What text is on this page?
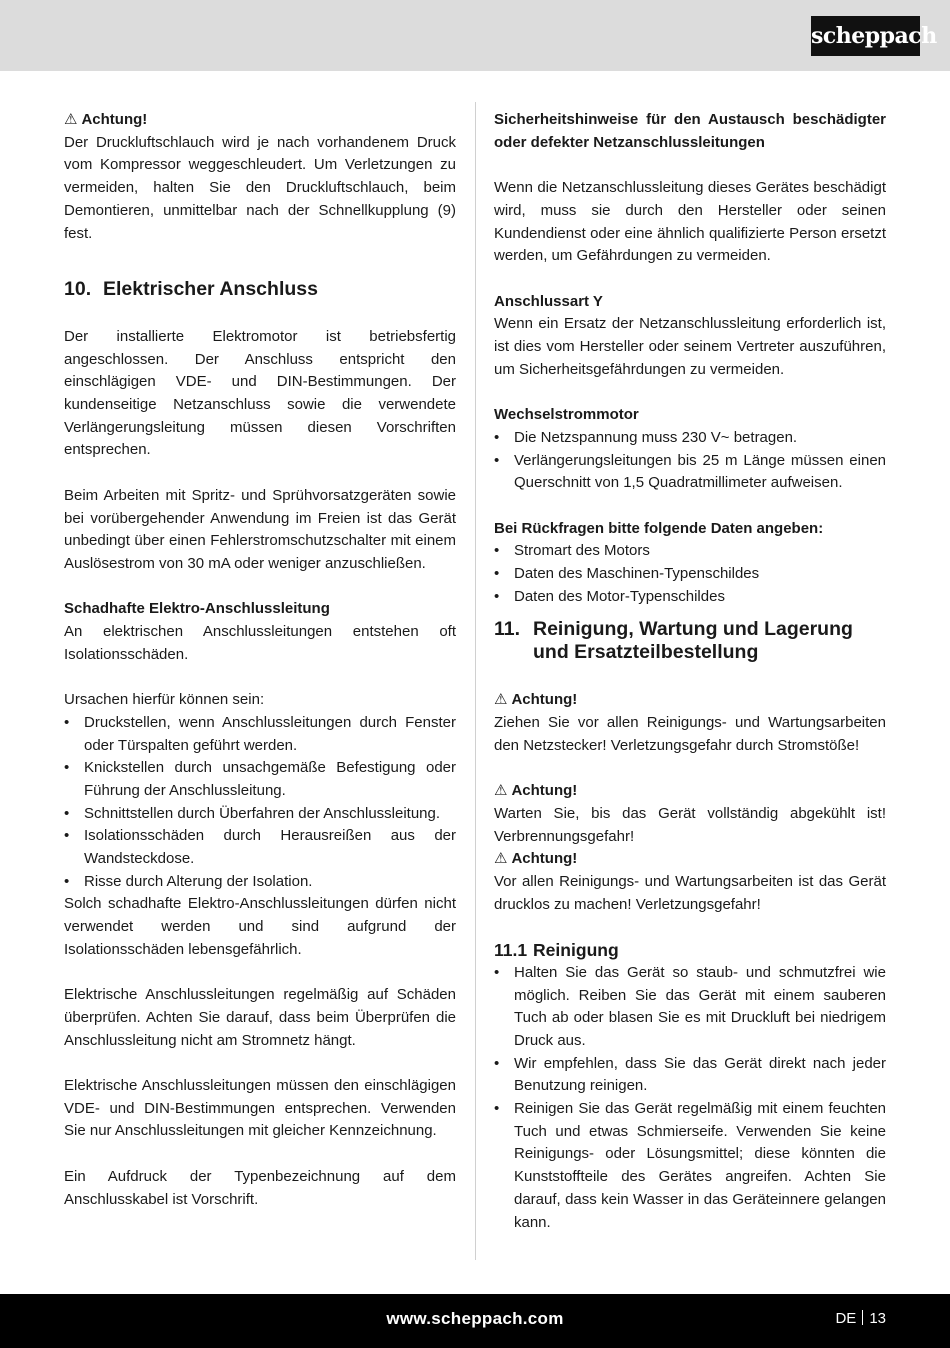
scheppach

⚠ Achtung!

Der Druckluftschlauch wird je nach vorhandenem Druck vom Kompressor weggeschleudert. Um Verletzungen zu vermeiden, halten Sie den Druckluftschlauch, beim Demontieren, unmittelbar nach der Schnellkupplung (9) fest.

10. Elektrischer Anschluss

Der installierte Elektromotor ist betriebsfertig angeschlossen. Der Anschluss entspricht den einschlägigen VDE- und DIN-Bestimmungen. Der kundenseitige Netzanschluss sowie die verwendete Verlängerungsleitung müssen diesen Vorschriften entsprechen.

Beim Arbeiten mit Spritz- und Sprühvorsatzgeräten sowie bei vorübergehender Anwendung im Freien ist das Gerät unbedingt über einen Fehlerstromschutzschalter mit einem Auslösestrom von 30 mA oder weniger anzuschließen.

Schadhafte Elektro-Anschlussleitung

An elektrischen Anschlussleitungen entstehen oft Isolationsschäden.

Ursachen hierfür können sein:

• Druckstellen, wenn Anschlussleitungen durch Fenster oder Türspalten geführt werden.
• Knickstellen durch unsachgemäße Befestigung oder Führung der Anschlussleitung.
• Schnittstellen durch Überfahren der Anschlussleitung.
• Isolationsschäden durch Herausreißen aus der Wandsteckdose.
• Risse durch Alterung der Isolation.

Solch schadhafte Elektro-Anschlussleitungen dürfen nicht verwendet werden und sind aufgrund der Isolationsschäden lebensgefährlich.

Elektrische Anschlussleitungen regelmäßig auf Schäden überprüfen. Achten Sie darauf, dass beim Überprüfen die Anschlussleitung nicht am Stromnetz hängt.

Elektrische Anschlussleitungen müssen den einschlägigen VDE- und DIN-Bestimmungen entsprechen. Verwenden Sie nur Anschlussleitungen mit gleicher Kennzeichnung.

Ein Aufdruck der Typenbezeichnung auf dem Anschlusskabel ist Vorschrift.

Sicherheitshinweise für den Austausch beschädigter oder defekter Netzanschlussleitungen

Wenn die Netzanschlussleitung dieses Gerätes beschädigt wird, muss sie durch den Hersteller oder seinen Kundendienst oder eine ähnlich qualifizierte Person ersetzt werden, um Gefährdungen zu vermeiden.

Anschlussart Y

Wenn ein Ersatz der Netzanschlussleitung erforderlich ist, ist dies vom Hersteller oder seinem Vertreter auszuführen, um Sicherheitsgefährdungen zu vermeiden.

Wechselstrommotor

• Die Netzspannung muss 230 V~ betragen.
• Verlängerungsleitungen bis 25 m Länge müssen einen Querschnitt von 1,5 Quadratmillimeter aufweisen.

Bei Rückfragen bitte folgende Daten angeben:

• Stromart des Motors
• Daten des Maschinen-Typenschildes
• Daten des Motor-Typenschildes
11. Reinigung, Wartung und Lagerung und Ersatzteilbestellung

⚠ Achtung!

Ziehen Sie vor allen Reinigungs- und Wartungsarbeiten den Netzstecker! Verletzungsgefahr durch Stromstöße!

⚠ Achtung!

Warten Sie, bis das Gerät vollständig abgekühlt ist! Verbrennungsgefahr!

⚠ Achtung!

Vor allen Reinigungs- und Wartungsarbeiten ist das Gerät drucklos zu machen! Verletzungsgefahr!

11.1 Reinigung
• Halten Sie das Gerät so staub- und schmutzfrei wie möglich. Reiben Sie das Gerät mit einem sauberen Tuch ab oder blasen Sie es mit Druckluft bei niedrigem Druck aus.
• Wir empfehlen, dass Sie das Gerät direkt nach jeder Benutzung reinigen.
• Reinigen Sie das Gerät regelmäßig mit einem feuchten Tuch und etwas Schmierseife. Verwenden Sie keine Reinigungs- oder Lösungsmittel; diese könnten die Kunststoffteile des Gerätes angreifen. Achten Sie darauf, dass kein Wasser in das Geräteinnere gelangen kann.
www.scheppach.com	DE 13
